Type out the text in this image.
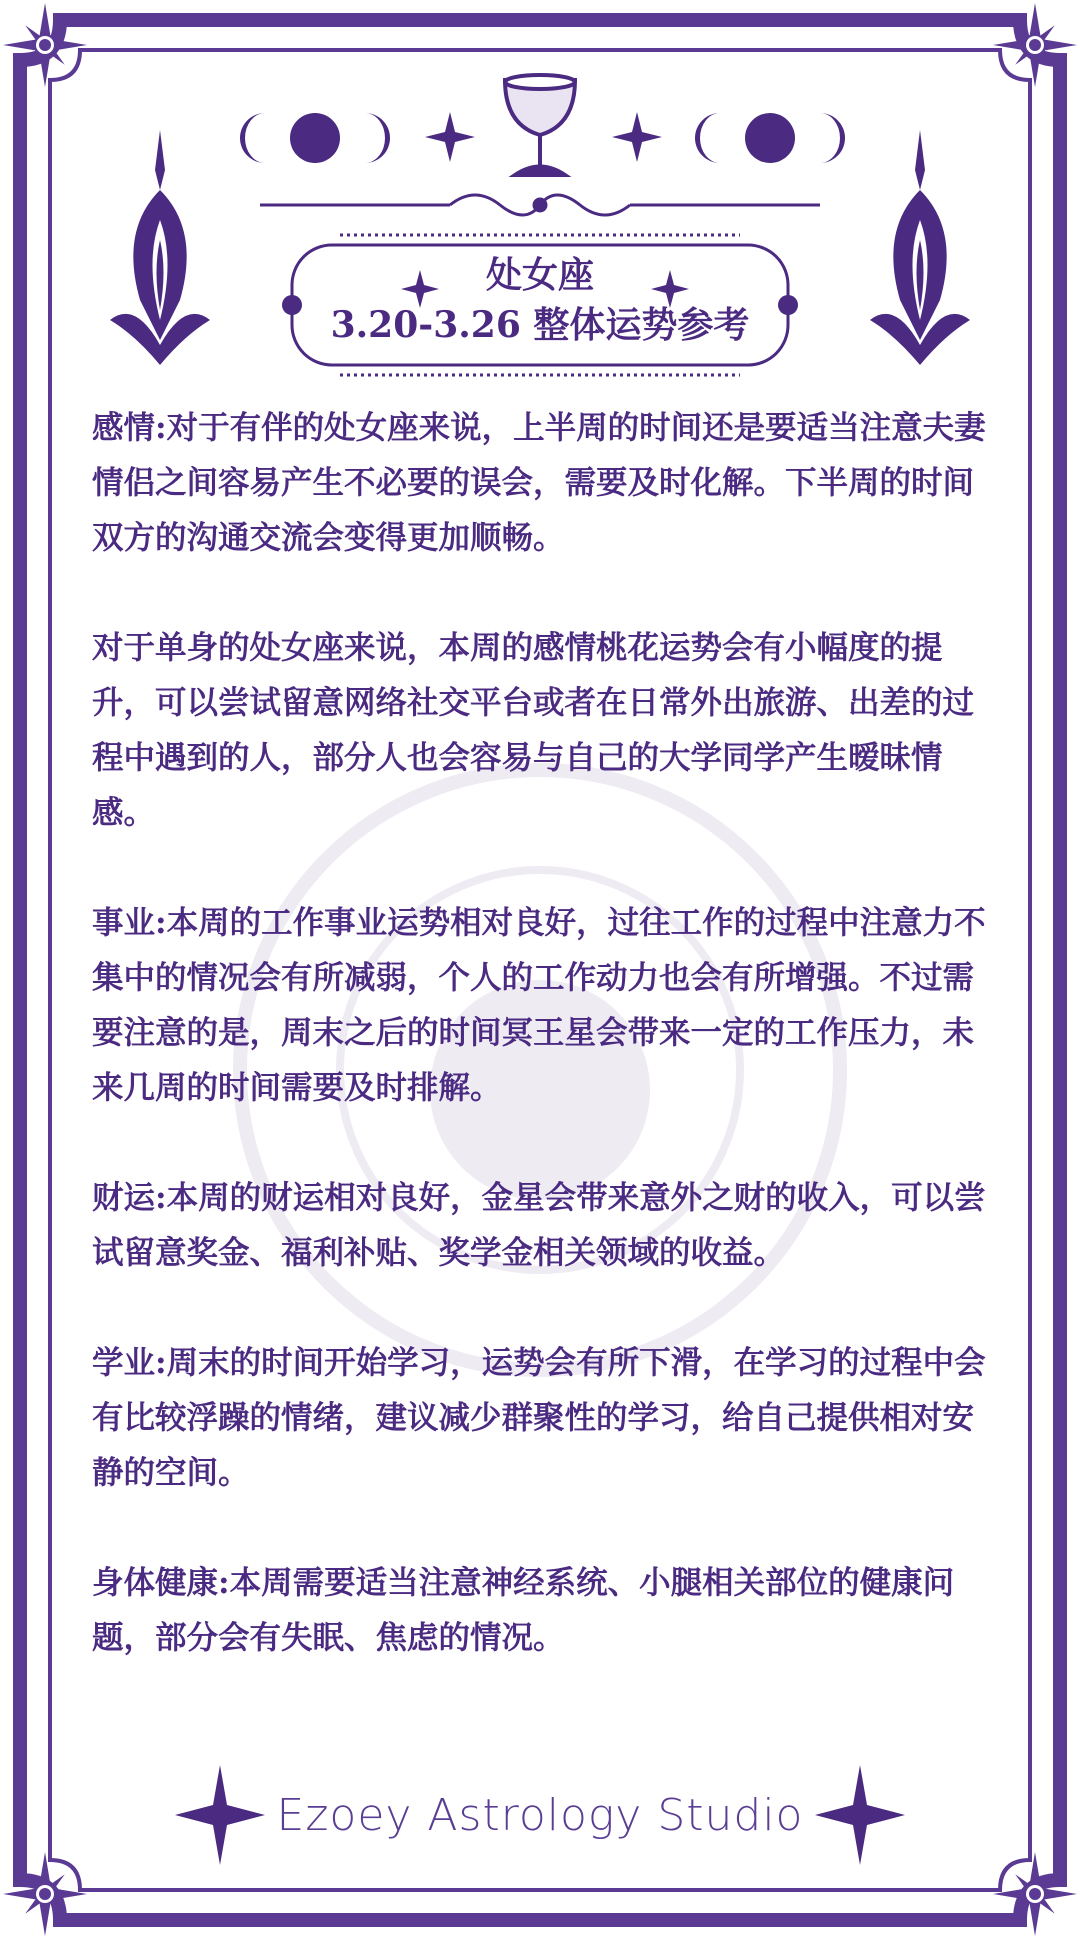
处女座
3.20-3.26 整体运势参考

感情:对于有伴的处女座来说，上半周的时间还是要适当注意夫妻情侣之间容易产生不必要的误会，需要及时化解。下半周的时间双方的沟通交流会变得更加顺畅。

对于单身的处女座来说，本周的感情桃花运势会有小幅度的提升，可以尝试留意网络社交平台或者在日常外出旅游、出差的过程中遇到的人，部分人也会容易与自己的大学同学产生暧昧情感。

事业:本周的工作事业运势相对良好，过往工作的过程中注意力不集中的情况会有所减弱，个人的工作动力也会有所增强。不过需要注意的是，周末之后的时间冥王星会带来一定的工作压力，未来几周的时间需要及时排解。

财运:本周的财运相对良好，金星会带来意外之财的收入，可以尝试留意奖金、福利补贴、奖学金相关领域的收益。

学业:周末的时间开始学习，运势会有所下滑，在学习的过程中会有比较浮躁的情绪，建议减少群聚性的学习，给自己提供相对安静的空间。

身体健康:本周需要适当注意神经系统、小腿相关部位的健康问题，部分会有失眠、焦虑的情况。

Ezoey Astrology Studio
